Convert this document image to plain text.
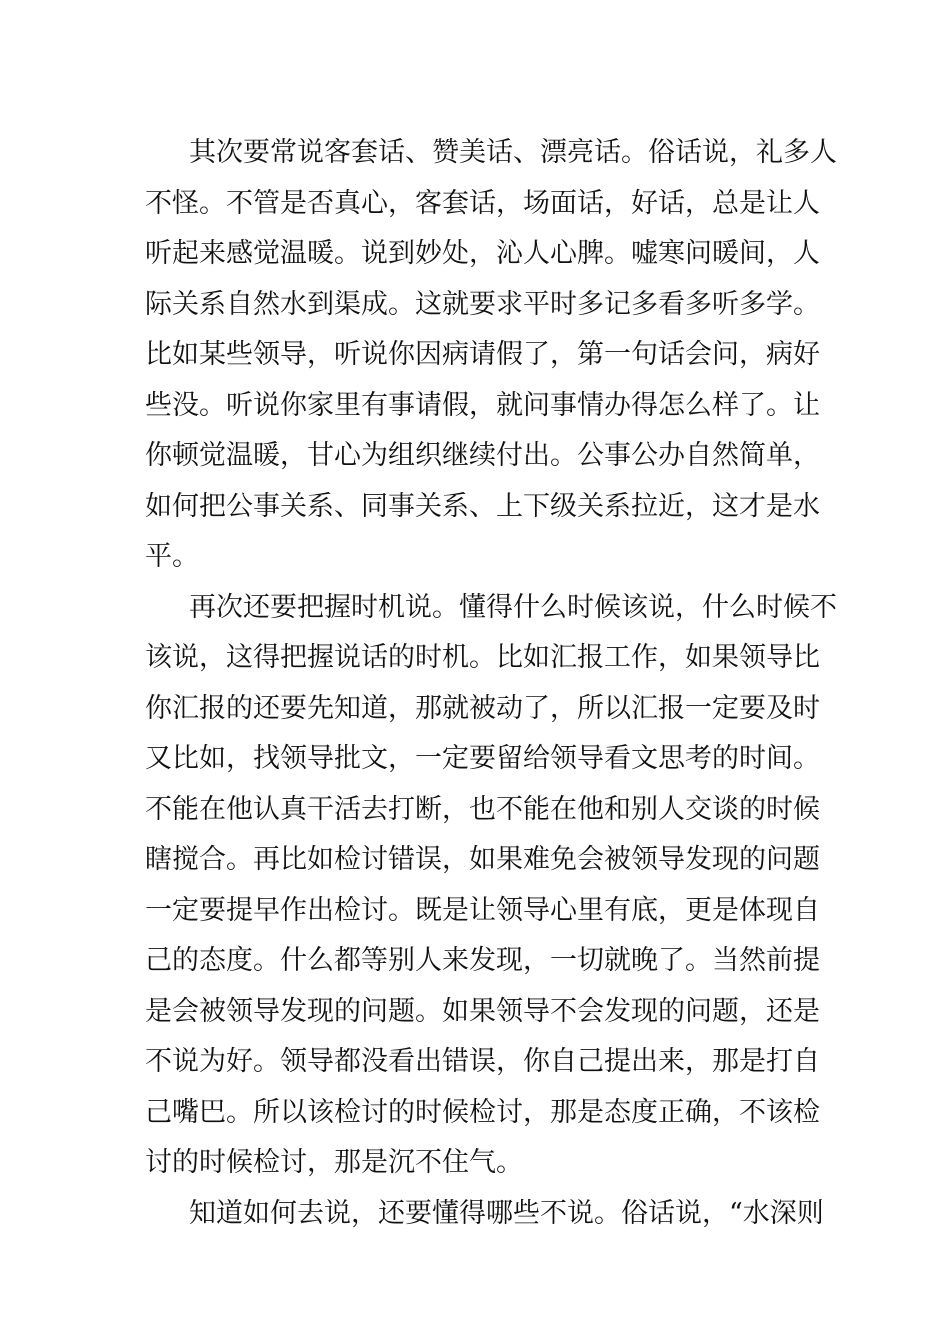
其次要常说客套话、赞美话、漂亮话。俗话说，礼多人
不怪。不管是否真心，客套话，场面话，好话，总是让人
听起来感觉温暖。说到妙处，沁人心脾。嘘寒问暖间，人
际关系自然水到渠成。这就要求平时多记多看多听多学。
比如某些领导，听说你因病请假了，第一句话会问，病好
些没。听说你家里有事请假，就问事情办得怎么样了。让
你顿觉温暖，甘心为组织继续付出。公事公办自然简单，
如何把公事关系、同事关系、上下级关系拉近，这才是水
平。
再次还要把握时机说。懂得什么时候该说，什么时候不
该说，这得把握说话的时机。比如汇报工作，如果领导比
你汇报的还要先知道，那就被动了，所以汇报一定要及时
又比如，找领导批文，一定要留给领导看文思考的时间。
不能在他认真干活去打断，也不能在他和别人交谈的时候
瞎搅合。再比如检讨错误，如果难免会被领导发现的问题
一定要提早作出检讨。既是让领导心里有底，更是体现自
己的态度。什么都等别人来发现，一切就晚了。当然前提
是会被领导发现的问题。如果领导不会发现的问题，还是
不说为好。领导都没看出错误，你自己提出来，那是打自
己嘴巴。所以该检讨的时候检讨，那是态度正确，不该检
讨的时候检讨，那是沉不住气。
知道如何去说，还要懂得哪些不说。俗话说，“水深则
